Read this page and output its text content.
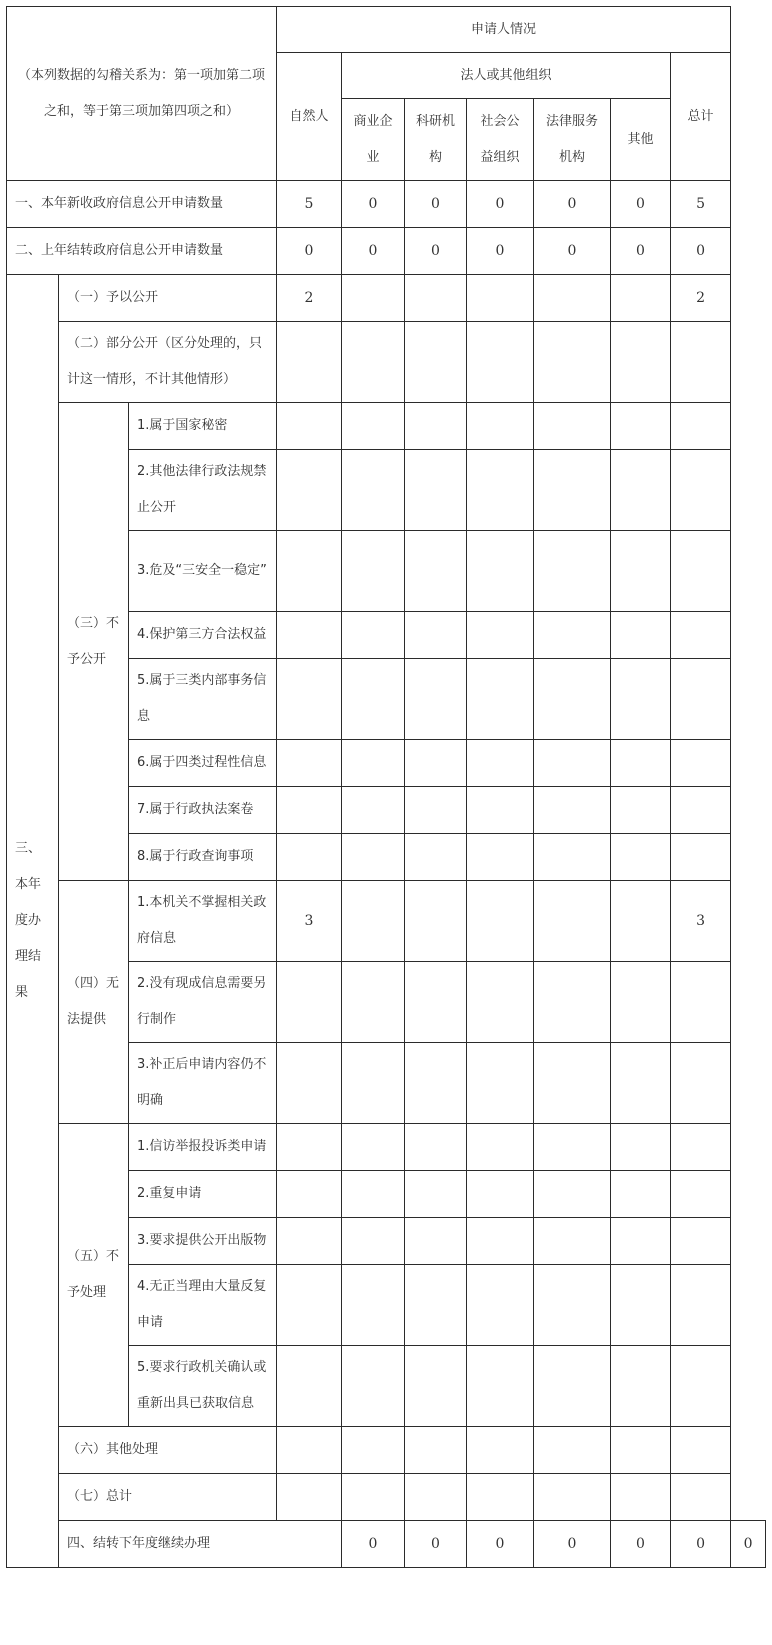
（本列数据的勾稽关系为：第一项加第二项之和，等于第三项加第四项之和）			申请人情况							
			自然人	法人或其他组织					总计	
				商业企业	科研机构	社会公益组织	法律服务机构	其他		

一、本年新收政府信息公开申请数量			5	0	0	0	0	0	5	
二、上年结转政府信息公开申请数量			0	0	0	0	0	0	0	
三、本年度办理结果	（一）予以公开		2						2	
	（二）部分公开（区分处理的，只计这一情形，不计其他情形）									
	（三）不予公开	1.属于国家秘密								
		2.其他法律行政法规禁止公开								
		3.危及“三安全一稳定”								
		4.保护第三方合法权益								
		5.属于三类内部事务信息								
		6.属于四类过程性信息								
		7.属于行政执法案卷								
		8.属于行政查询事项								
	（四）无法提供	1.本机关不掌握相关政府信息	3						3	
		2.没有现成信息需要另行制作								
		3.补正后申请内容仍不明确								
	（五）不予处理	1.信访举报投诉类申请								
		2.重复申请								
		3.要求提供公开出版物								
		4.无正当理由大量反复申请								
		5.要求行政机关确认或重新出具已获取信息								
	（六）其他处理									
	（七）总计									
	四、结转下年度继续办理			0	0	0	0	0	0	0
